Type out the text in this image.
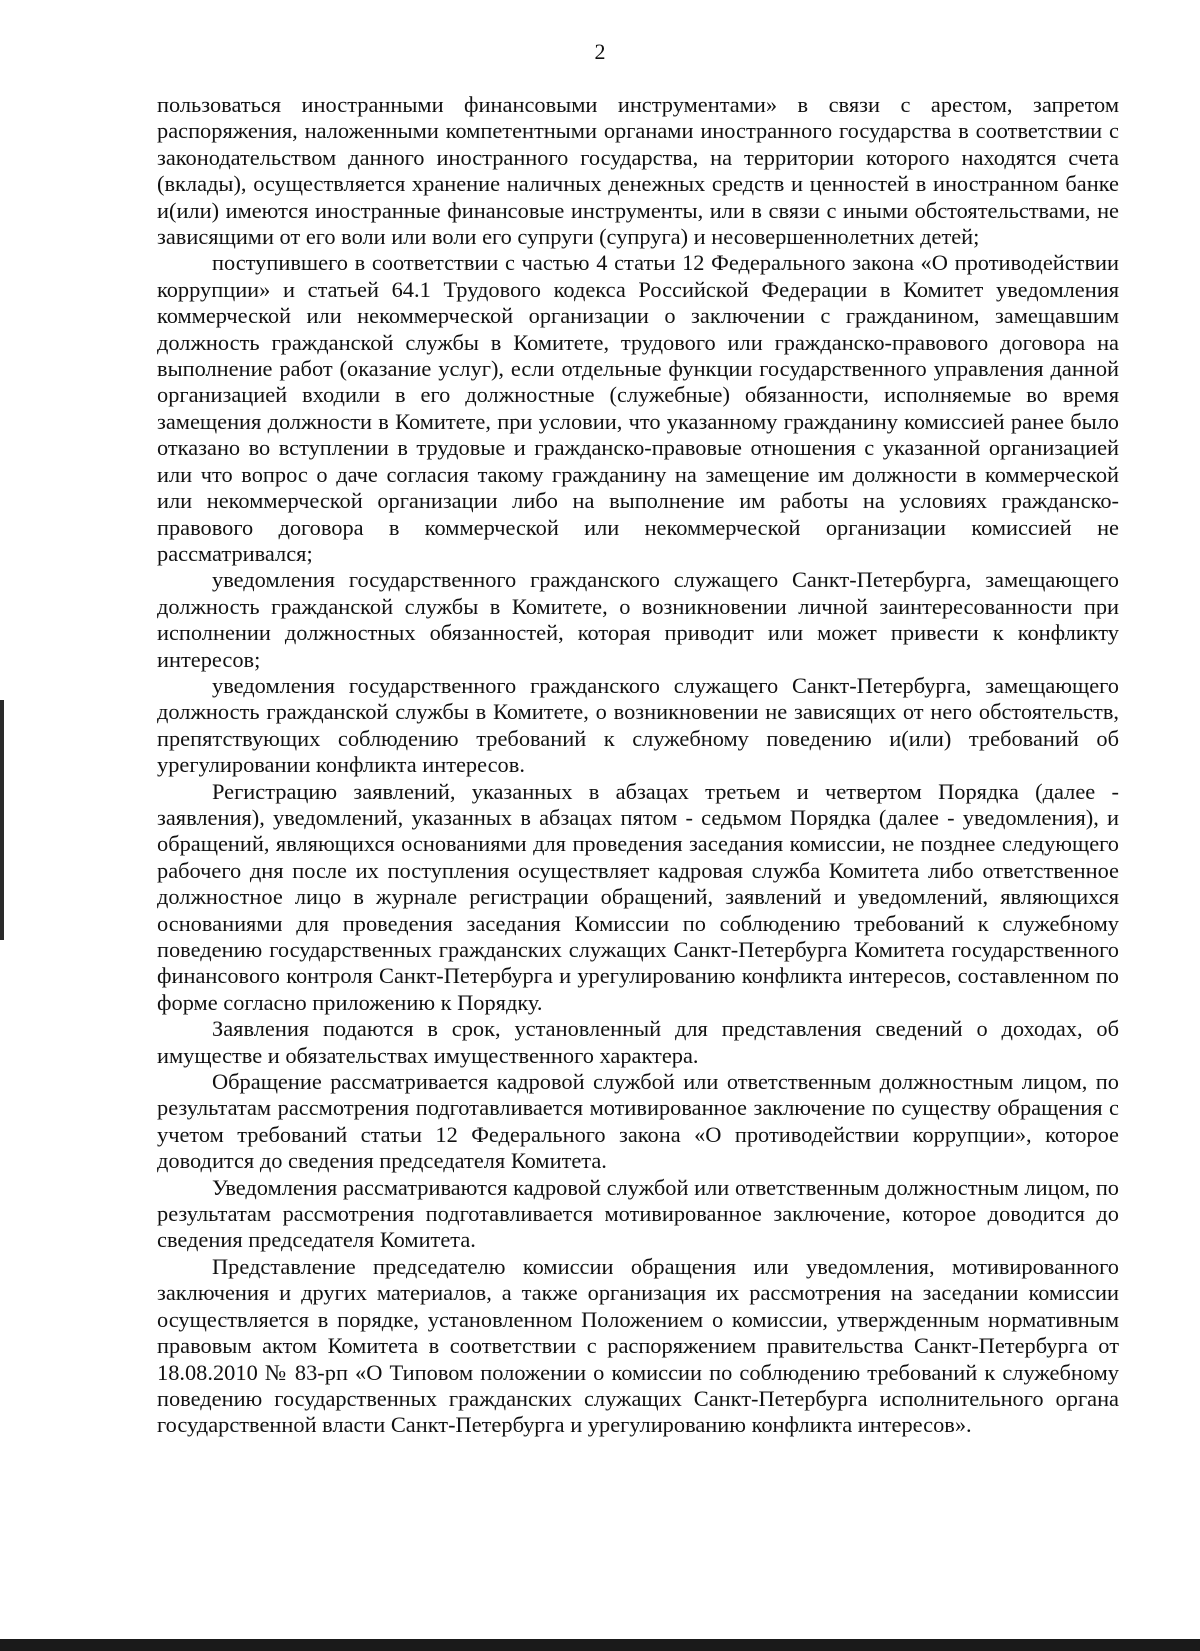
2

пользоваться иностранными финансовыми инструментами» в связи с арестом, запретом распоряжения, наложенными компетентными органами иностранного государства в соответствии с законодательством данного иностранного государства, на территории которого находятся счета (вклады), осуществляется хранение наличных денежных средств и ценностей в иностранном банке и(или) имеются иностранные финансовые инструменты, или в связи с иными обстоятельствами, не зависящими от его воли или воли его супруги (супруга) и несовершеннолетних детей;

поступившего в соответствии с частью 4 статьи 12 Федерального закона «О противодействии коррупции» и статьей 64.1 Трудового кодекса Российской Федерации в Комитет уведомления коммерческой или некоммерческой организации о заключении с гражданином, замещавшим должность гражданской службы в Комитете, трудового или гражданско-правового договора на выполнение работ (оказание услуг), если отдельные функции государственного управления данной организацией входили в его должностные (служебные) обязанности, исполняемые во время замещения должности в Комитете, при условии, что указанному гражданину комиссией ранее было отказано во вступлении в трудовые и гражданско-правовые отношения с указанной организацией или что вопрос о даче согласия такому гражданину на замещение им должности в коммерческой или некоммерческой организации либо на выполнение им работы на условиях гражданско-правового договора в коммерческой или некоммерческой организации комиссией не рассматривался;

уведомления государственного гражданского служащего Санкт-Петербурга, замещающего должность гражданской службы в Комитете, о возникновении личной заинтересованности при исполнении должностных обязанностей, которая приводит или может привести к конфликту интересов;

уведомления государственного гражданского служащего Санкт-Петербурга, замещающего должность гражданской службы в Комитете, о возникновении не зависящих от него обстоятельств, препятствующих соблюдению требований к служебному поведению и(или) требований об урегулировании конфликта интересов.

Регистрацию заявлений, указанных в абзацах третьем и четвертом Порядка (далее - заявления), уведомлений, указанных в абзацах пятом - седьмом Порядка (далее - уведомления), и обращений, являющихся основаниями для проведения заседания комиссии, не позднее следующего рабочего дня после их поступления осуществляет кадровая служба Комитета либо ответственное должностное лицо в журнале регистрации обращений, заявлений и уведомлений, являющихся основаниями для проведения заседания Комиссии по соблюдению требований к служебному поведению государственных гражданских служащих Санкт-Петербурга Комитета государственного финансового контроля Санкт-Петербурга и урегулированию конфликта интересов, составленном по форме согласно приложению к Порядку.

Заявления подаются в срок, установленный для представления сведений о доходах, об имуществе и обязательствах имущественного характера.

Обращение рассматривается кадровой службой или ответственным должностным лицом, по результатам рассмотрения подготавливается мотивированное заключение по существу обращения с учетом требований статьи 12 Федерального закона «О противодействии коррупции», которое доводится до сведения председателя Комитета.

Уведомления рассматриваются кадровой службой или ответственным должностным лицом, по результатам рассмотрения подготавливается мотивированное заключение, которое доводится до сведения председателя Комитета.

Представление председателю комиссии обращения или уведомления, мотивированного заключения и других материалов, а также организация их рассмотрения на заседании комиссии осуществляется в порядке, установленном Положением о комиссии, утвержденным нормативным правовым актом Комитета в соответствии с распоряжением правительства Санкт-Петербурга от 18.08.2010 № 83-рп «О Типовом положении о комиссии по соблюдению требований к служебному поведению государственных гражданских служащих Санкт-Петербурга исполнительного органа государственной власти Санкт-Петербурга и урегулированию конфликта интересов».
